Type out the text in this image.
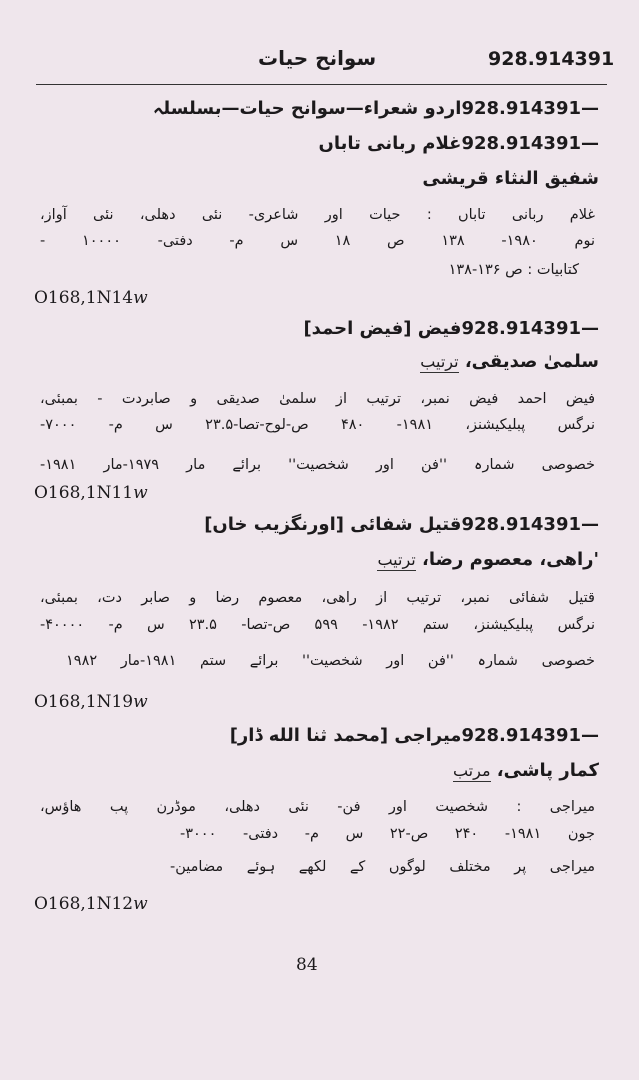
سوانح حیات	928.914391
928.914391—اردو شعراء—سوانح حیات—بسلسلہ
928.914391—غلام ربانی تاباں
شفیق النثاء قریشی
غلام ربانی تاباں : حیات اور شاعری- نئی دهلی، نئی آواز،
نوم ۱۹۸۰- ۱۳۸ ص ۱۸ س م- دفتی- ۱۰۰۰۰ -
کتابیات : ص ۱۳۶-۱۳۸
O168,1N14w
928.914391—فیض [فیض احمد]
سلمیٰ صدیقی، ترتیب
فیض احمد فیض نمبر، ترتیب از سلمیٰ صدیقی و صابردت - بمبئی،
نرگس پبلیکیشنز، ۱۹۸۱- ۴۸۰ ص-لوح-تصا-۲۳.۵ س م- ۷۰۰۰-
خصوصی شمارہ ''فن اور شخصیت'' برائے مار ۱۹۷۹-مار ۱۹۸۱-
O168,1N11w
928.914391—قتیل شفائی [اورنگزیب خاں]
'راهی، معصوم رضا، ترتیب
قتیل شفائی نمبر، ترتیب از راهی، معصوم رضا و صابر دت، بمبئی،
نرگس پبلیکیشنز، ستم ۱۹۸۲- ۵۹۹ ص-تصا- ۲۳.۵ س م- ۴۰۰۰۰-
خصوصی شمارہ ''فن اور شخصیت'' برائے ستم ۱۹۸۱-مار ۱۹۸۲
O168,1N19w
928.914391—میراجی [محمد ثنا الله ڈار]
کمار پاشی، مرتب
میراجی : شخصیت اور فن- نئی دهلی، موڈرن پب هاؤس،
جون ۱۹۸۱- ۲۴۰ ص-۲۲ س م- دفتی- ۳۰۰۰-
میراجی پر مختلف لوگوں کے لکھے ہوئے مضامین-
O168,1N12w
84
